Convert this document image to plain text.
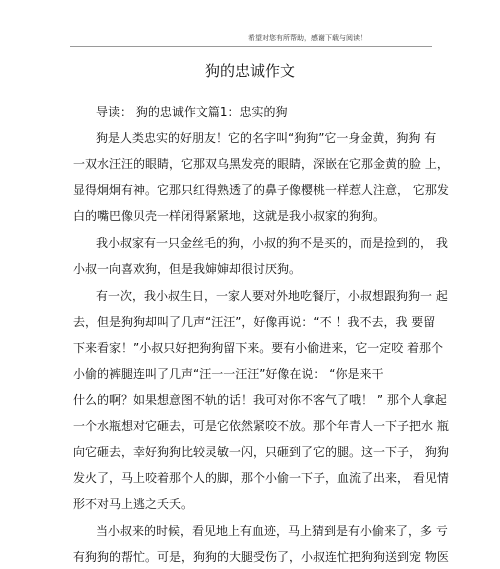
希望对您有所帮助，感谢下载与阅读！
狗的忠诚作文
导读： 狗的忠诚作文篇1：忠实的狗
狗是人类忠实的好朋友！它的名字叫“狗狗”它一身金黄，狗狗 有
一双水汪汪的眼睛，它那双乌黑发亮的眼睛，深嵌在它那金黄的脸 上，
显得炯炯有神。它那只红得熟透了的鼻子像樱桃一样惹人注意， 它那发
白的嘴巴像贝壳一样闭得紧紧地，这就是我小叔家的狗狗。
我小叔家有一只金丝毛的狗，小叔的狗不是买的，而是捡到的， 我
小叔一向喜欢狗，但是我婶婶却很讨厌狗。
有一次，我小叔生日，一家人要对外地吃餐厅，小叔想跟狗狗一 起
去，但是狗狗却叫了几声“汪汪”，好像再说：“不 ！我不去，我 要留
下来看家！”小叔只好把狗狗留下来。要有小偷进来，它一定咬 着那个
小偷的裤腿连叫了几声“汪一一汪汪”好像在说： “你是来干
什么的啊？如果想意图不轨的话！我可对你不客气了哦！ ” 那个人拿起
一个水瓶想对它砸去，可是它依然紧咬不放。那个年青人一下子把水 瓶
向它砸去，幸好狗狗比较灵敏一闪，只砸到了它的腿。这一下子， 狗狗
发火了，马上咬着那个人的脚，那个小偷一下子，血流了出来， 看见情
形不对马上逃之夭夭。
当小叔来的时候，看见地上有血迹，马上猜到是有小偷来了，多 亏
有狗狗的帮忙。可是，狗狗的大腿受伤了，小叔连忙把狗狗送到宠 物医
